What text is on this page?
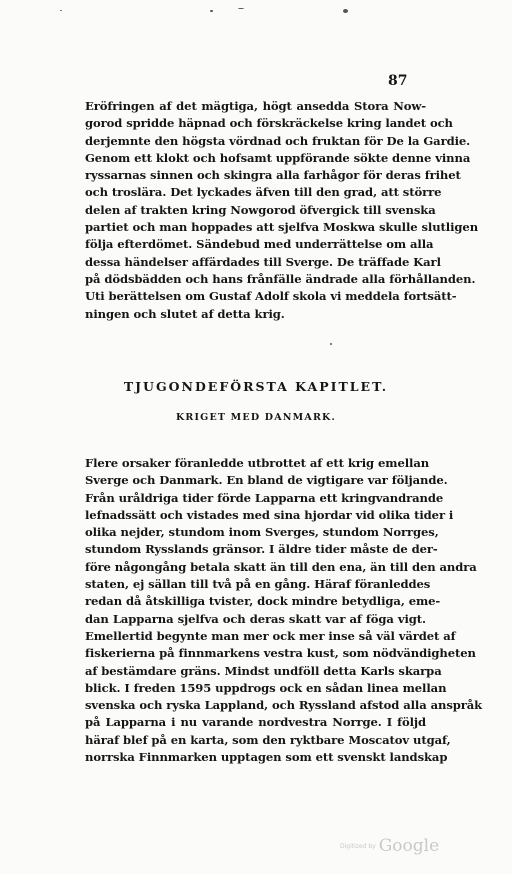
87
Eröfringen af det mägtiga, högt ansedda Stora Now-
gorod spridde häpnad och förskräckelse kring landet och
derjemnte den högsta vördnad och fruktan för De la Gardie.
Genom ett klokt och hofsamt uppförande sökte denne vinna
ryssarnas sinnen och skingra alla farhågor för deras frihet
och troslära. Det lyckades äfven till den grad, att större
delen af trakten kring Nowgorod öfvergick till svenska
partiet och man hoppades att sjelfva Moskwa skulle slutligen
följa efterdömet. Sändebud med underrättelse om alla
dessa händelser affärdades till Sverge. De träffade Karl
på dödsbädden och hans frånfälle ändrade alla förhållanden.
Uti berättelsen om Gustaf Adolf skola vi meddela fortsätt-
ningen och slutet af detta krig.
TJUGONDEFÖRSTA KAPITLET.
KRIGET MED DANMARK.
Flere orsaker föranledde utbrottet af ett krig emellan
Sverge och Danmark. En bland de vigtigare var följande.
Från uråldriga tider förde Lapparna ett kringvandrande
lefnadssätt och vistades med sina hjordar vid olika tider i
olika nejder, stundom inom Sverges, stundom Norrges,
stundom Rysslands gränsor. I äldre tider måste de der-
före någongång betala skatt än till den ena, än till den andra
staten, ej sällan till två på en gång. Häraf föranleddes
redan då åtskilliga tvister, dock mindre betydliga, eme-
dan Lapparna sjelfva och deras skatt var af föga vigt.
Emellertid begynte man mer ock mer inse så väl värdet af
fiskerierna på finnmarkens vestra kust, som nödvändigheten
af bestämdare gräns. Mindst undföll detta Karls skarpa
blick. I freden 1595 uppdrogs ock en sådan linea mellan
svenska och ryska Lappland, och Ryssland afstod alla anspråk
på Lapparna i nu varande nordvestra Norrge. I följd
häraf blef på en karta, som den ryktbare Moscatov utgaf,
norrska Finnmarken upptagen som ett svenskt landskap
Digitized by Google
